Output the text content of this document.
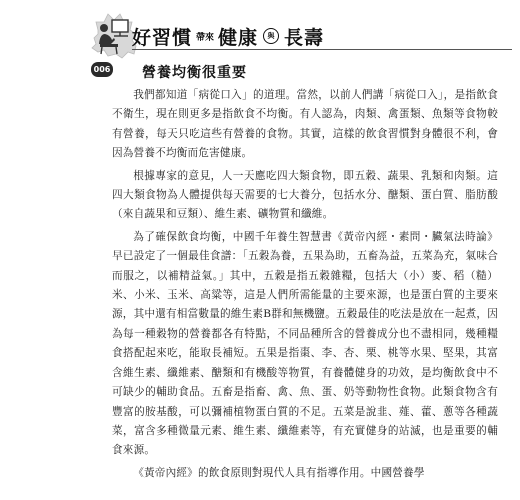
好習慣 帶來 健康	與 長壽
006 營養均衡很重要

我們都知道「病從口入」的道理。當然，以前人們講「病從口入」，是指飲食不衛生，現在則更多是指飲食不均衡。有人認為，肉類、禽蛋類、魚類等食物較有營養，每天只吃這些有營養的食物。其實，這樣的飲食習慣對身體很不利，會因為營養不均衡而危害健康。

根據專家的意見，人一天應吃四大類食物，即五穀、蔬果、乳類和肉類。這四大類食物為人體提供每天需要的七大養分，包括水分、醣類、蛋白質、脂肪酸（來自蔬果和豆類）、維生素、礦物質和纖維。

為了確保飲食均衡，中國千年養生智慧書《黃帝內經・素問・臟氣法時論》早已設定了一個最佳食譜：「五穀為養，五果為助，五畜為益，五菜為充，氣味合而服之，以補精益氣。」其中，五穀是指五穀雜糧，包括大（小）麥、稻（糙）米、小米、玉米、高粱等，這是人們所需能量的主要來源，也是蛋白質的主要來源，其中還有相當數量的維生素B群和無機鹽。五穀最佳的吃法是放在一起煮，因為每一種穀物的營養都各有特點，不同品種所含的營養成分也不盡相同，幾種糧食搭配起來吃，能取長補短。五果是指棗、李、杏、栗、桃等水果、堅果，其富含維生素、纖維素、醣類和有機酸等物質，有養體健身的功效，是均衡飲食中不可缺少的輔助食品。五畜是指畜、禽、魚、蛋、奶等動物性食物。此類食物含有豐富的胺基酸，可以彌補植物蛋白質的不足。五菜是說韭、薤、藿、蔥等各種蔬菜，富含多種微量元素、維生素、纖維素等，有充實健身的站滅，也是重要的輔食來源。

《黃帝內經》的飲食原則對現代人具有指導作用。中國營養學
